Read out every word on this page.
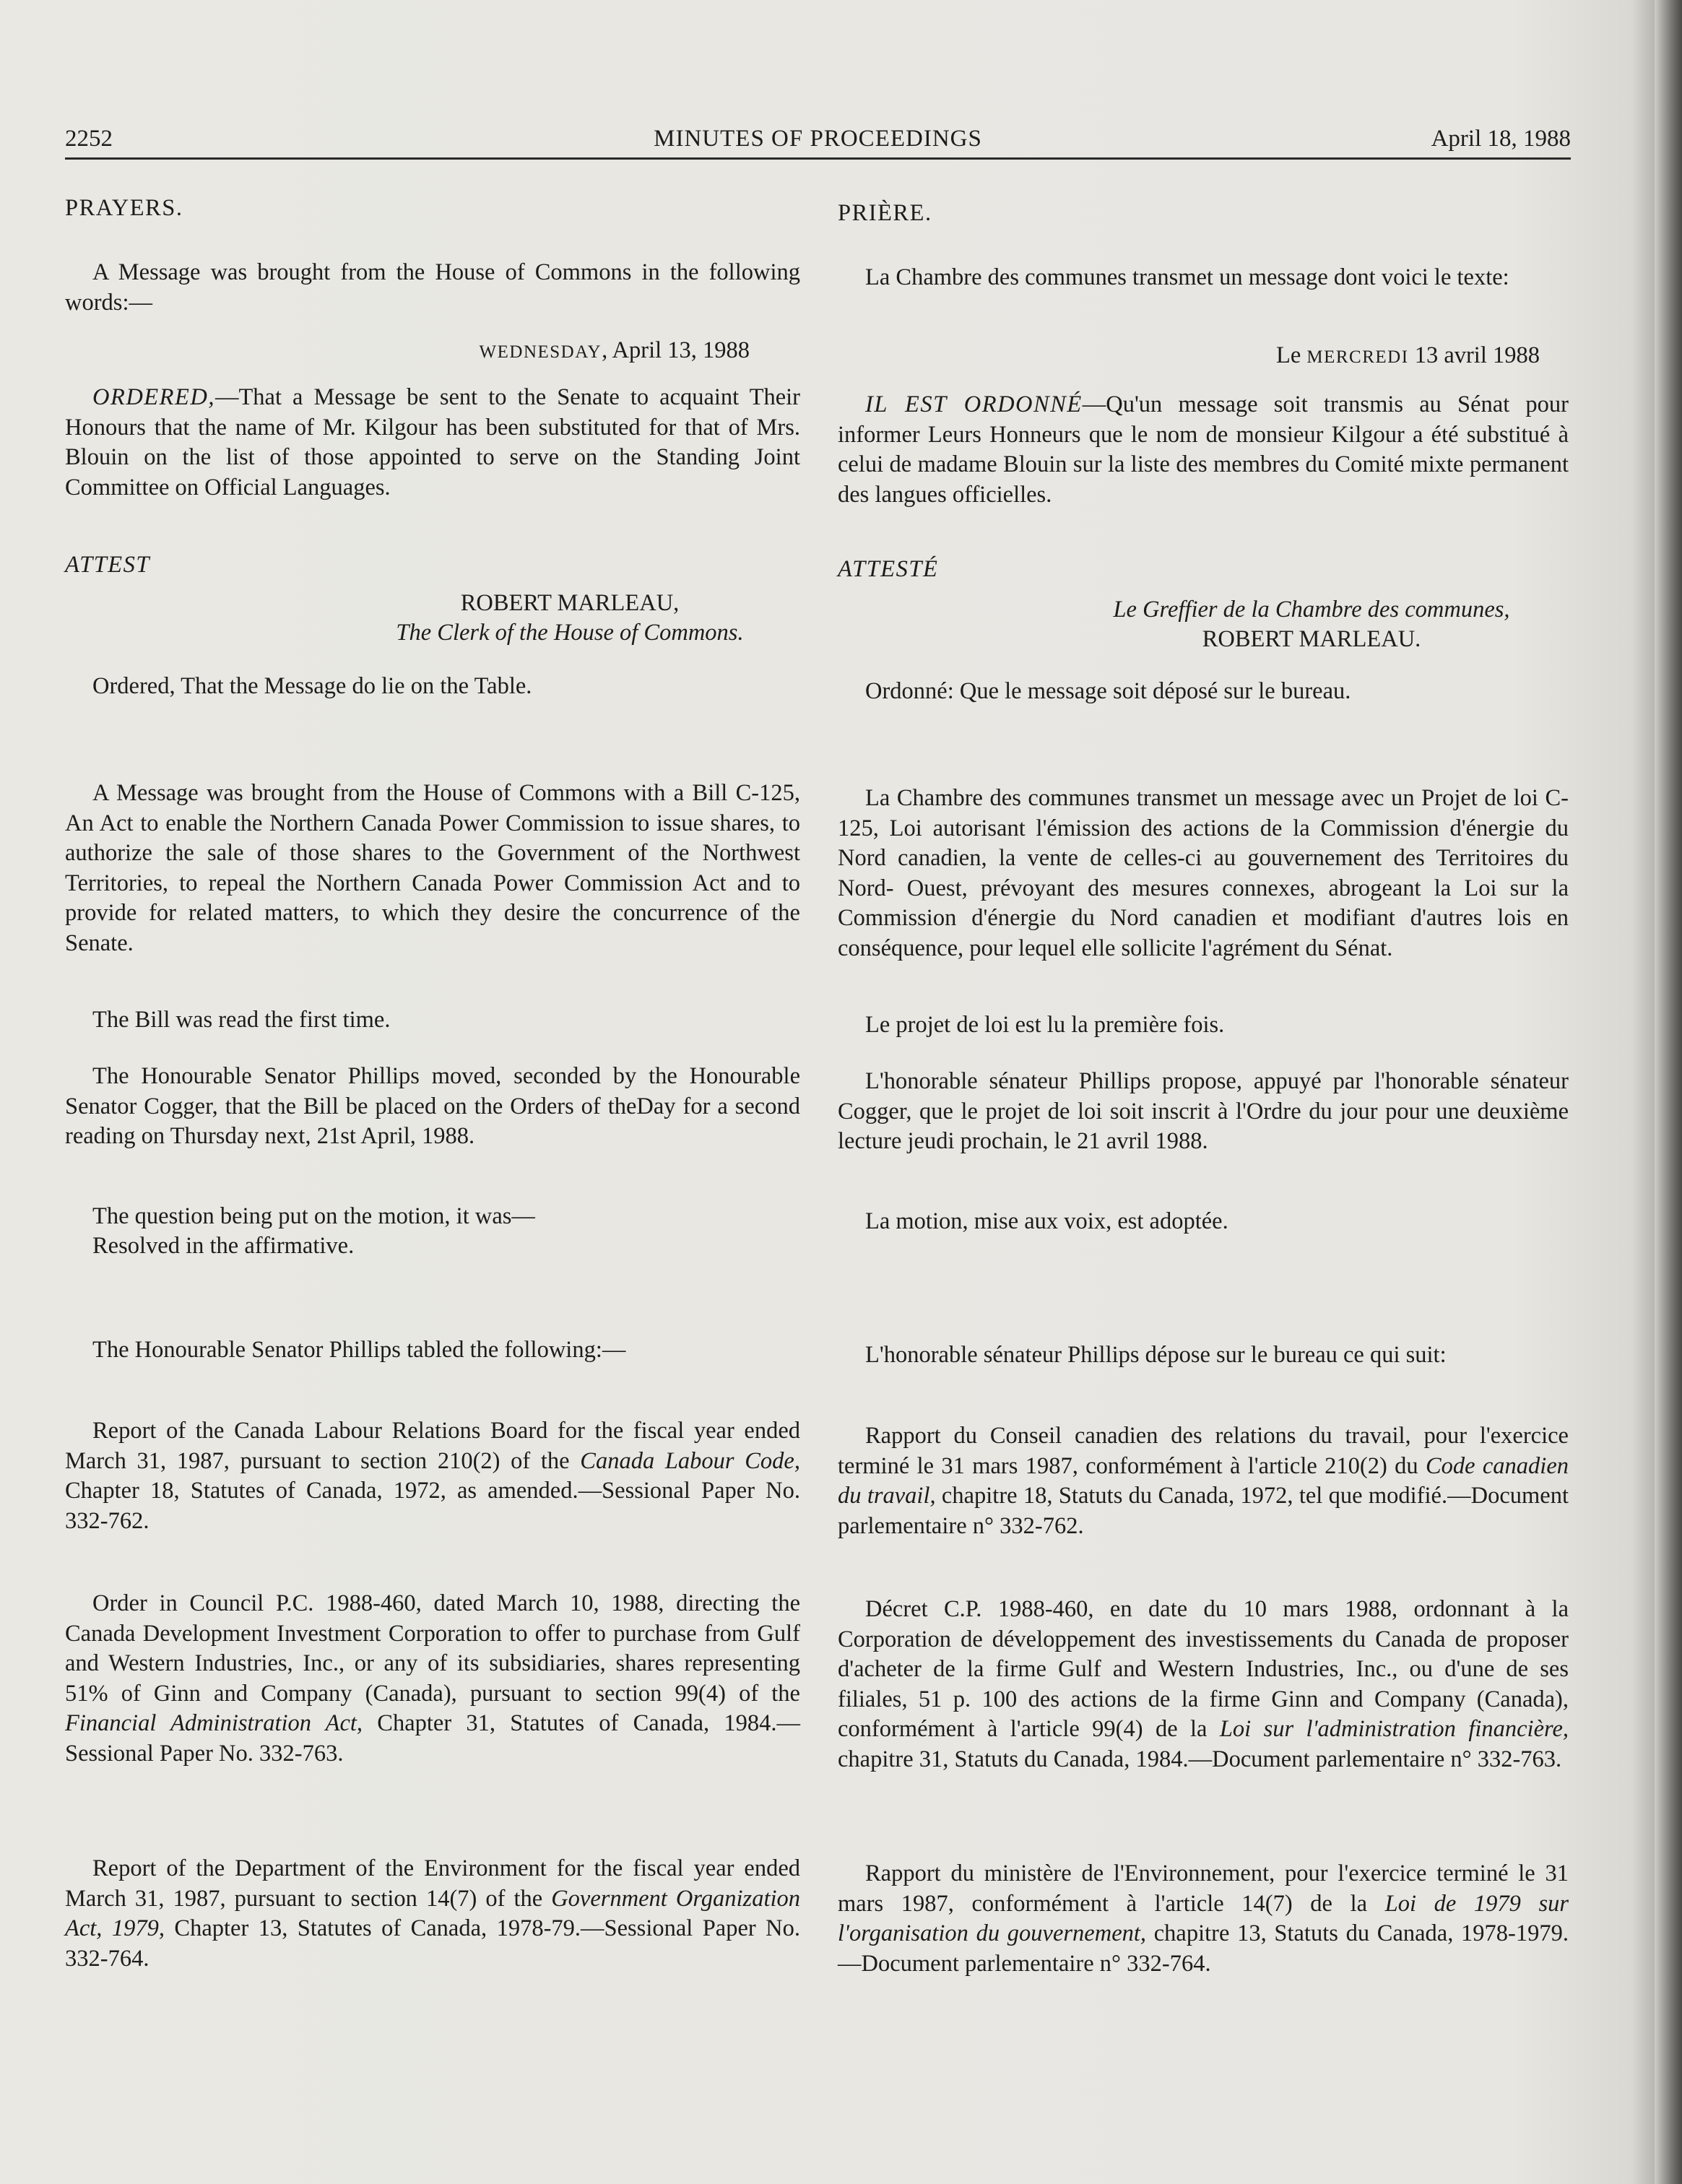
2252	MINUTES OF PROCEEDINGS	April 18, 1988

PRAYERS.

A Message was brought from the House of Commons in the following words:—

WEDNESDAY, April 13, 1988

ORDERED,—That a Message be sent to the Senate to acquaint Their Honours that the name of Mr. Kilgour has been substituted for that of Mrs. Blouin on the list of those appointed to serve on the Standing Joint Committee on Official Languages.

ATTEST

ROBERT MARLEAU,

The Clerk of the House of Commons.

Ordered, That the Message do lie on the Table.

A Message was brought from the House of Commons with a Bill C-125, An Act to enable the Northern Canada Power Commission to issue shares, to authorize the sale of those shares to the Government of the Northwest Territories, to repeal the Northern Canada Power Commission Act and to provide for related matters, to which they desire the concurrence of the Senate.

The Bill was read the first time.

The Honourable Senator Phillips moved, seconded by the Honourable Senator Cogger, that the Bill be placed on the Orders of theDay for a second reading on Thursday next, 21st April, 1988.

The question being put on the motion, it was—

Resolved in the affirmative.

The Honourable Senator Phillips tabled the following:—

Report of the Canada Labour Relations Board for the fiscal year ended March 31, 1987, pursuant to section 210(2) of the Canada Labour Code, Chapter 18, Statutes of Canada, 1972, as amended.—Sessional Paper No. 332-762.

Order in Council P.C. 1988-460, dated March 10, 1988, directing the Canada Development Investment Corporation to offer to purchase from Gulf and Western Industries, Inc., or any of its subsidiaries, shares representing 51% of Ginn and Company (Canada), pursuant to section 99(4) of the Financial Administration Act, Chapter 31, Statutes of Canada, 1984.—Sessional Paper No. 332-763.

Report of the Department of the Environment for the fiscal year ended March 31, 1987, pursuant to section 14(7) of the Government Organization Act, 1979, Chapter 13, Statutes of Canada, 1978-79.—Sessional Paper No. 332-764.

PRIÈRE.

La Chambre des communes transmet un message dont voici le texte:

Le MERCREDI 13 avril 1988

IL EST ORDONNÉ—Qu'un message soit transmis au Sénat pour informer Leurs Honneurs que le nom de monsieur Kilgour a été substitué à celui de madame Blouin sur la liste des membres du Comité mixte permanent des langues officielles.

ATTESTÉ

Le Greffier de la Chambre des communes,

ROBERT MARLEAU.

Ordonné: Que le message soit déposé sur le bureau.

La Chambre des communes transmet un message avec un Projet de loi C-125, Loi autorisant l'émission des actions de la Commission d'énergie du Nord canadien, la vente de celles-ci au gouvernement des Territoires du Nord- Ouest, prévoyant des mesures connexes, abrogeant la Loi sur la Commission d'énergie du Nord canadien et modifiant d'autres lois en conséquence, pour lequel elle sollicite l'agrément du Sénat.

Le projet de loi est lu la première fois.

L'honorable sénateur Phillips propose, appuyé par l'honorable sénateur Cogger, que le projet de loi soit inscrit à l'Ordre du jour pour une deuxième lecture jeudi prochain, le 21 avril 1988.

La motion, mise aux voix, est adoptée.

L'honorable sénateur Phillips dépose sur le bureau ce qui suit:

Rapport du Conseil canadien des relations du travail, pour l'exercice terminé le 31 mars 1987, conformément à l'article 210(2) du Code canadien du travail, chapitre 18, Statuts du Canada, 1972, tel que modifié.—Document parlementaire n° 332-762.

Décret C.P. 1988-460, en date du 10 mars 1988, ordonnant à la Corporation de développement des investissements du Canada de proposer d'acheter de la firme Gulf and Western Industries, Inc., ou d'une de ses filiales, 51 p. 100 des actions de la firme Ginn and Company (Canada), conformément à l'article 99(4) de la Loi sur l'administration financière, chapitre 31, Statuts du Canada, 1984.—Document parlementaire n° 332-763.

Rapport du ministère de l'Environnement, pour l'exercice terminé le 31 mars 1987, conformément à l'article 14(7) de la Loi de 1979 sur l'organisation du gouvernement, chapitre 13, Statuts du Canada, 1978-1979.—Document parlementaire n° 332-764.
